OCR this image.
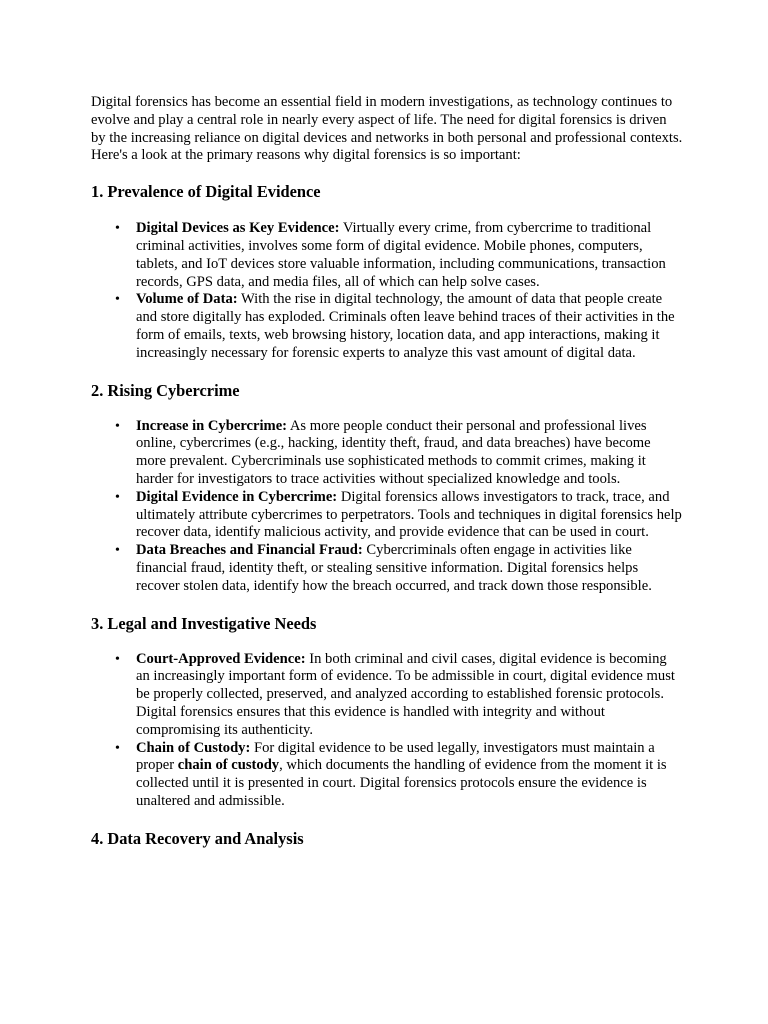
Digital forensics has become an essential field in modern investigations, as technology continues to evolve and play a central role in nearly every aspect of life. The need for digital forensics is driven by the increasing reliance on digital devices and networks in both personal and professional contexts. Here's a look at the primary reasons why digital forensics is so important:

1. Prevalence of Digital Evidence
• Digital Devices as Key Evidence: Virtually every crime, from cybercrime to traditional criminal activities, involves some form of digital evidence. Mobile phones, computers, tablets, and IoT devices store valuable information, including communications, transaction records, GPS data, and media files, all of which can help solve cases.
• Volume of Data: With the rise in digital technology, the amount of data that people create and store digitally has exploded. Criminals often leave behind traces of their activities in the form of emails, texts, web browsing history, location data, and app interactions, making it increasingly necessary for forensic experts to analyze this vast amount of digital data.
2. Rising Cybercrime
• Increase in Cybercrime: As more people conduct their personal and professional lives online, cybercrimes (e.g., hacking, identity theft, fraud, and data breaches) have become more prevalent. Cybercriminals use sophisticated methods to commit crimes, making it harder for investigators to trace activities without specialized knowledge and tools.
• Digital Evidence in Cybercrime: Digital forensics allows investigators to track, trace, and ultimately attribute cybercrimes to perpetrators. Tools and techniques in digital forensics help recover data, identify malicious activity, and provide evidence that can be used in court.
• Data Breaches and Financial Fraud: Cybercriminals often engage in activities like financial fraud, identity theft, or stealing sensitive information. Digital forensics helps recover stolen data, identify how the breach occurred, and track down those responsible.
3. Legal and Investigative Needs
• Court-Approved Evidence: In both criminal and civil cases, digital evidence is becoming an increasingly important form of evidence. To be admissible in court, digital evidence must be properly collected, preserved, and analyzed according to established forensic protocols. Digital forensics ensures that this evidence is handled with integrity and without compromising its authenticity.
• Chain of Custody: For digital evidence to be used legally, investigators must maintain a proper chain of custody, which documents the handling of evidence from the moment it is collected until it is presented in court. Digital forensics protocols ensure the evidence is unaltered and admissible.
4. Data Recovery and Analysis
